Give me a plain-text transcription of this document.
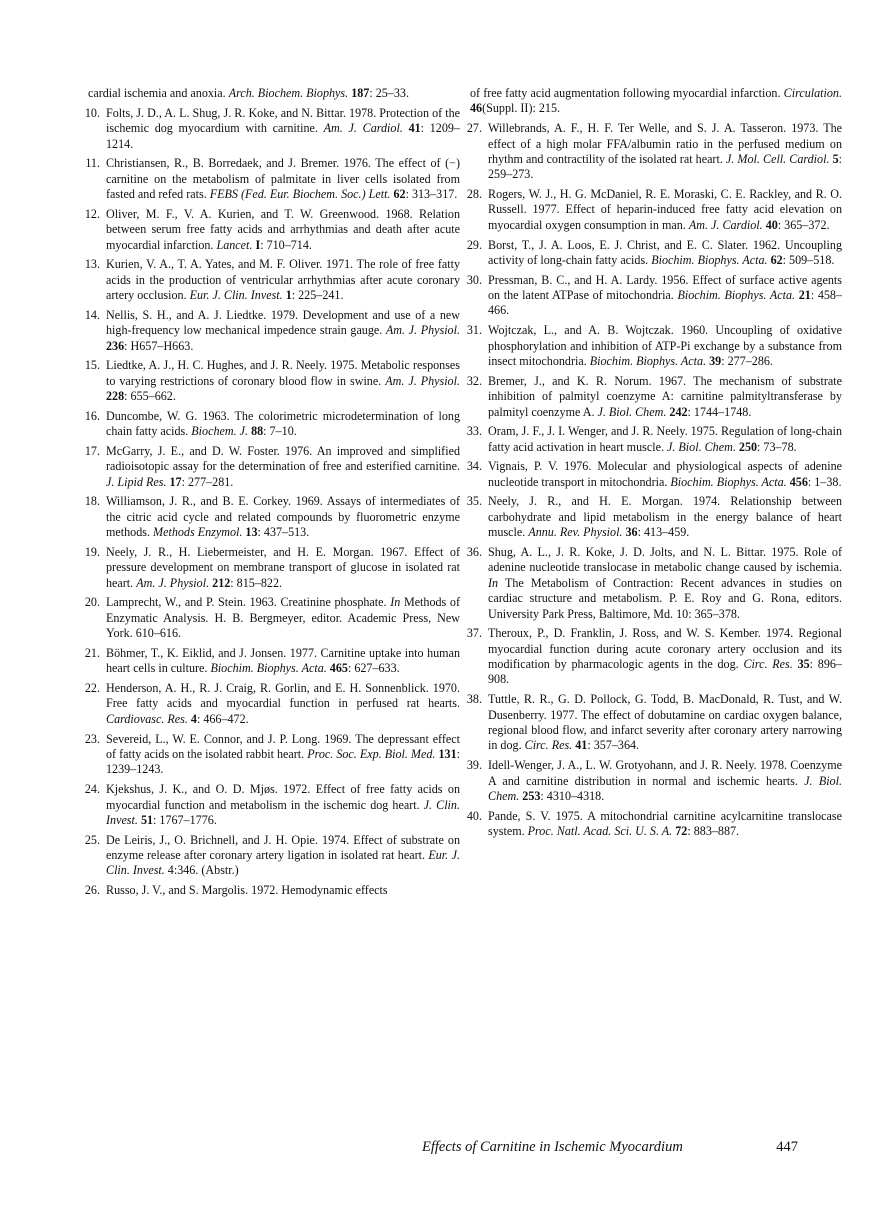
cardial ischemia and anoxia. Arch. Biochem. Biophys. 187: 25–33.
10. Folts, J. D., A. L. Shug, J. R. Koke, and N. Bittar. 1978. Protection of the ischemic dog myocardium with carnitine. Am. J. Cardiol. 41: 1209–1214.
11. Christiansen, R., B. Borredaek, and J. Bremer. 1976. The effect of (−) carnitine on the metabolism of palmitate in liver cells isolated from fasted and refed rats. FEBS (Fed. Eur. Biochem. Soc.) Lett. 62: 313–317.
12. Oliver, M. F., V. A. Kurien, and T. W. Greenwood. 1968. Relation between serum free fatty acids and arrhythmias and death after acute myocardial infarction. Lancet. I: 710–714.
13. Kurien, V. A., T. A. Yates, and M. F. Oliver. 1971. The role of free fatty acids in the production of ventricular arrhythmias after acute coronary artery occlusion. Eur. J. Clin. Invest. 1: 225–241.
14. Nellis, S. H., and A. J. Liedtke. 1979. Development and use of a new high-frequency low mechanical impedence strain gauge. Am. J. Physiol. 236: H657–H663.
15. Liedtke, A. J., H. C. Hughes, and J. R. Neely. 1975. Metabolic responses to varying restrictions of coronary blood flow in swine. Am. J. Physiol. 228: 655–662.
16. Duncombe, W. G. 1963. The colorimetric microdetermination of long chain fatty acids. Biochem. J. 88: 7–10.
17. McGarry, J. E., and D. W. Foster. 1976. An improved and simplified radioisotopic assay for the determination of free and esterified carnitine. J. Lipid Res. 17: 277–281.
18. Williamson, J. R., and B. E. Corkey. 1969. Assays of intermediates of the citric acid cycle and related compounds by fluorometric enzyme methods. Methods Enzymol. 13: 437–513.
19. Neely, J. R., H. Liebermeister, and H. E. Morgan. 1967. Effect of pressure development on membrane transport of glucose in isolated rat heart. Am. J. Physiol. 212: 815–822.
20. Lamprecht, W., and P. Stein. 1963. Creatinine phosphate. In Methods of Enzymatic Analysis. H. B. Bergmeyer, editor. Academic Press, New York. 610–616.
21. Böhmer, T., K. Eiklid, and J. Jonsen. 1977. Carnitine uptake into human heart cells in culture. Biochim. Biophys. Acta. 465: 627–633.
22. Henderson, A. H., R. J. Craig, R. Gorlin, and E. H. Sonnenblick. 1970. Free fatty acids and myocardial function in perfused rat hearts. Cardiovasc. Res. 4: 466–472.
23. Severeid, L., W. E. Connor, and J. P. Long. 1969. The depressant effect of fatty acids on the isolated rabbit heart. Proc. Soc. Exp. Biol. Med. 131: 1239–1243.
24. Kjekshus, J. K., and O. D. Mjøs. 1972. Effect of free fatty acids on myocardial function and metabolism in the ischemic dog heart. J. Clin. Invest. 51: 1767–1776.
25. De Leiris, J., O. Brichnell, and J. H. Opie. 1974. Effect of substrate on enzyme release after coronary artery ligation in isolated rat heart. Eur. J. Clin. Invest. 4:346. (Abstr.)
26. Russo, J. V., and S. Margolis. 1972. Hemodynamic effects
of free fatty acid augmentation following myocardial infarction. Circulation. 46(Suppl. II): 215.
27. Willebrands, A. F., H. F. Ter Welle, and S. J. A. Tasseron. 1973. The effect of a high molar FFA/albumin ratio in the perfused medium on rhythm and contractility of the isolated rat heart. J. Mol. Cell. Cardiol. 5: 259–273.
28. Rogers, W. J., H. G. McDaniel, R. E. Moraski, C. E. Rackley, and R. O. Russell. 1977. Effect of heparin-induced free fatty acid elevation on myocardial oxygen consumption in man. Am. J. Cardiol. 40: 365–372.
29. Borst, T., J. A. Loos, E. J. Christ, and E. C. Slater. 1962. Uncoupling activity of long-chain fatty acids. Biochim. Biophys. Acta. 62: 509–518.
30. Pressman, B. C., and H. A. Lardy. 1956. Effect of surface active agents on the latent ATPase of mitochondria. Biochim. Biophys. Acta. 21: 458–466.
31. Wojtczak, L., and A. B. Wojtczak. 1960. Uncoupling of oxidative phosphorylation and inhibition of ATP-Pi exchange by a substance from insect mitochondria. Biochim. Biophys. Acta. 39: 277–286.
32. Bremer, J., and K. R. Norum. 1967. The mechanism of substrate inhibition of palmityl coenzyme A: carnitine palmityltransferase by palmityl coenzyme A. J. Biol. Chem. 242: 1744–1748.
33. Oram, J. F., J. I. Wenger, and J. R. Neely. 1975. Regulation of long-chain fatty acid activation in heart muscle. J. Biol. Chem. 250: 73–78.
34. Vignais, P. V. 1976. Molecular and physiological aspects of adenine nucleotide transport in mitochondria. Biochim. Biophys. Acta. 456: 1–38.
35. Neely, J. R., and H. E. Morgan. 1974. Relationship between carbohydrate and lipid metabolism in the energy balance of heart muscle. Annu. Rev. Physiol. 36: 413–459.
36. Shug, A. L., J. R. Koke, J. D. Jolts, and N. L. Bittar. 1975. Role of adenine nucleotide translocase in metabolic change caused by ischemia. In The Metabolism of Contraction: Recent advances in studies on cardiac structure and metabolism. P. E. Roy and G. Rona, editors. University Park Press, Baltimore, Md. 10: 365–378.
37. Theroux, P., D. Franklin, J. Ross, and W. S. Kember. 1974. Regional myocardial function during acute coronary artery occlusion and its modification by pharmacologic agents in the dog. Circ. Res. 35: 896–908.
38. Tuttle, R. R., G. D. Pollock, G. Todd, B. MacDonald, R. Tust, and W. Dusenberry. 1977. The effect of dobutamine on cardiac oxygen balance, regional blood flow, and infarct severity after coronary artery narrowing in dog. Circ. Res. 41: 357–364.
39. Idell-Wenger, J. A., L. W. Grotyohann, and J. R. Neely. 1978. Coenzyme A and carnitine distribution in normal and ischemic hearts. J. Biol. Chem. 253: 4310–4318.
40. Pande, S. V. 1975. A mitochondrial carnitine acylcarnitine translocase system. Proc. Natl. Acad. Sci. U. S. A. 72: 883–887.
Effects of Carnitine in Ischemic Myocardium	447
